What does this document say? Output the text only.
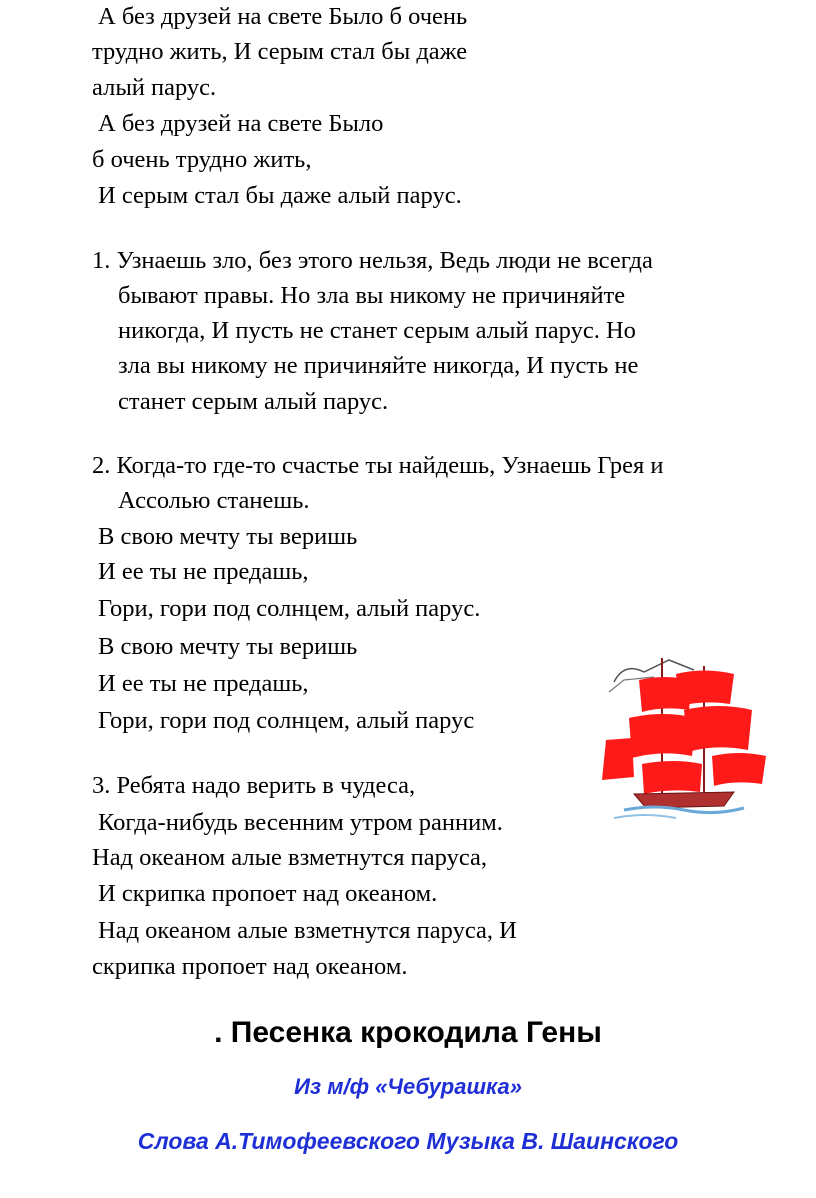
А без друзей на свете Было б очень
трудно жить, И серым стал бы даже
алый парус.
А без друзей на свете Было
б очень трудно жить,
И серым стал бы даже алый парус.
1. Узнаешь зло, без этого нельзя, Ведь люди не всегда
бывают правы. Но зла вы никому не причиняйте
никогда, И пусть не станет серым алый парус. Но
зла вы никому не причиняйте никогда, И пусть не
станет серым алый парус.
2. Когда-то где-то счастье ты найдешь, Узнаешь Грея и
Ассолью станешь.
В свою мечту ты веришь
И ее ты не предашь,
Гори, гори под солнцем, алый парус.
В свою мечту ты веришь
И ее ты не предашь,
Гори, гори под солнцем, алый парус
3. Ребята надо верить в чудеса,
Когда-нибудь весенним утром ранним.
Над океаном алые взметнутся паруса,
И скрипка пропоет над океаном.
Над океаном алые взметнутся паруса, И
скрипка пропоет над океаном.
. Песенка крокодила Гены
Из м/ф «Чебурашка»
Слова А.Тимофеевского Музыка В. Шаинского
